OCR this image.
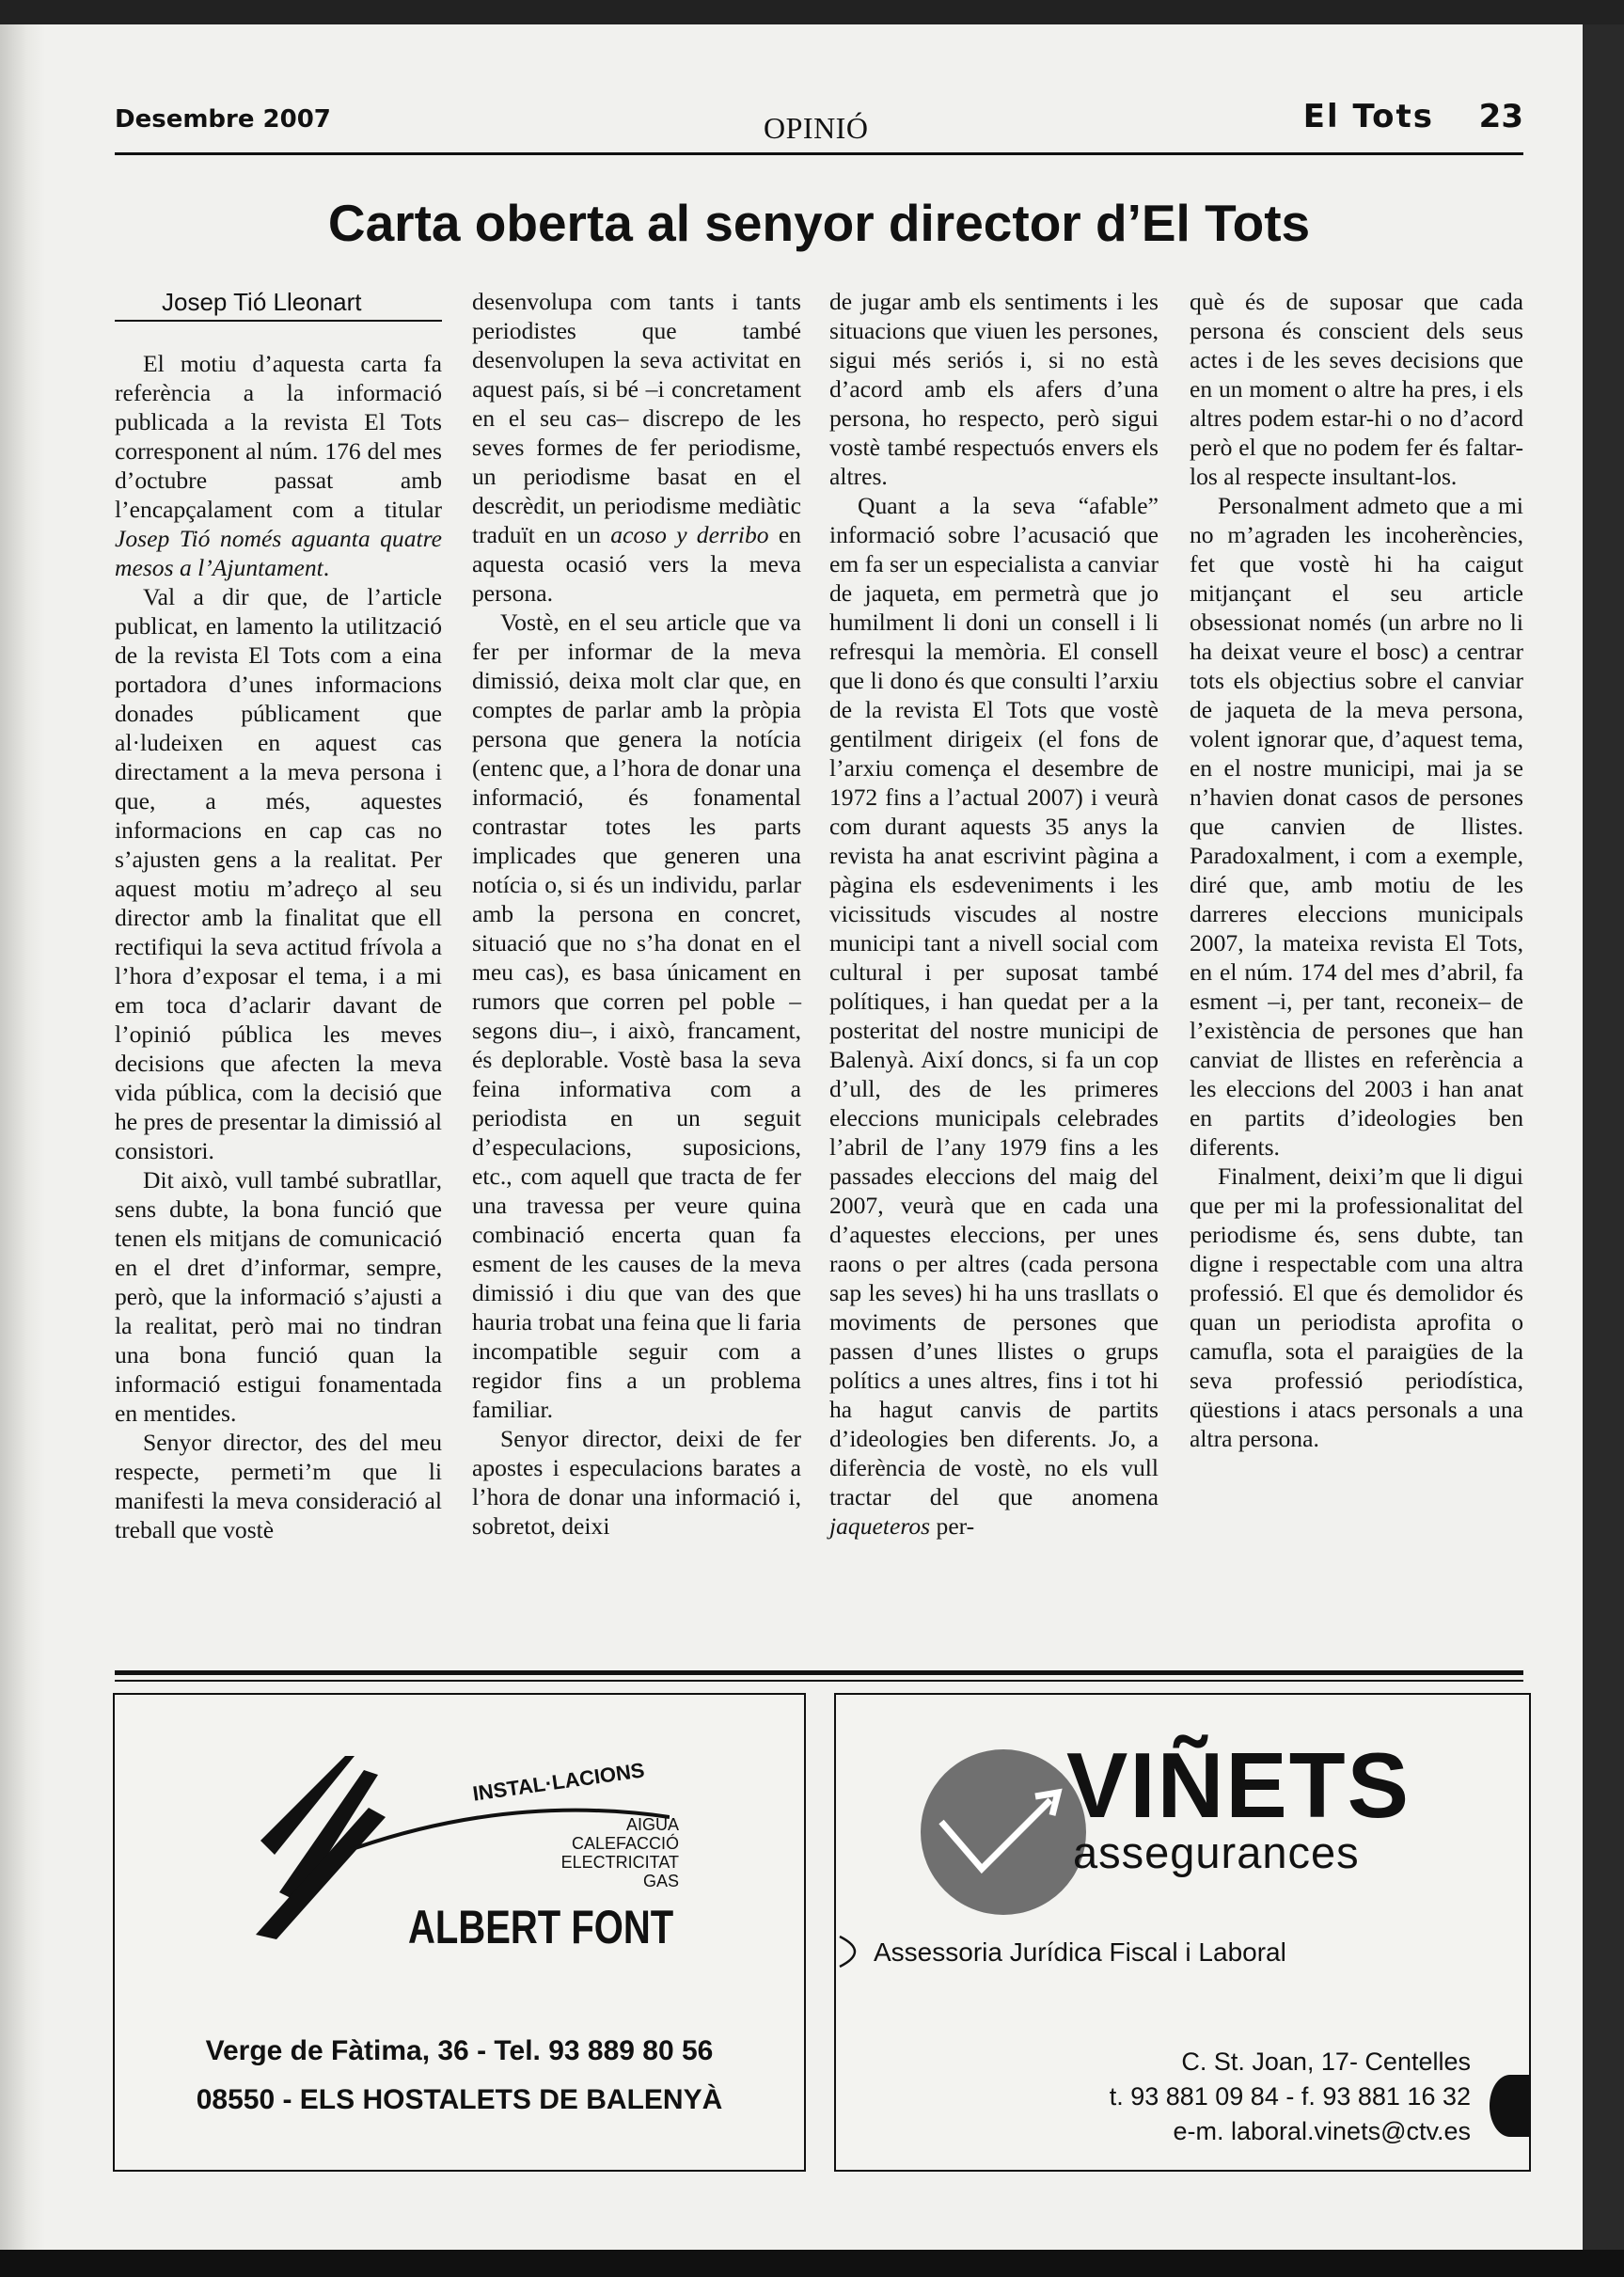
Desembre 2007	OPINIÓ	El Tots 23
Carta oberta al senyor director d’El Tots
Josep Tió Lleonart

El motiu d’aquesta carta fa referència a la informació publicada a la revista El Tots corresponent al núm. 176 del mes d’octubre passat amb l’encapçalament com a titular Josep Tió només aguanta quatre mesos a l’Ajuntament.

Val a dir que, de l’article publicat, en lamento la utilització de la revista El Tots com a eina portadora d’unes informacions donades públicament que al·ludeixen en aquest cas directament a la meva persona i que, a més, aquestes informacions en cap cas no s’ajusten gens a la realitat. Per aquest motiu m’adreço al seu director amb la finalitat que ell rectifiqui la seva actitud frívola a l’hora d’exposar el tema, i a mi em toca d’aclarir davant de l’opinió pública les meves decisions que afecten la meva vida pública, com la decisió que he pres de presentar la dimissió al consistori.

Dit això, vull també subratllar, sens dubte, la bona funció que tenen els mitjans de comunicació en el dret d’informar, sempre, però, que la informació s’ajusti a la realitat, però mai no tindran una bona funció quan la informació estigui fonamentada en mentides.

Senyor director, des del meu respecte, permeti’m que li manifesti la meva consideració al treball que vostè

desenvolupa com tants i tants periodistes que també desenvolupen la seva activitat en aquest país, si bé –i concretament en el seu cas– discrepo de les seves formes de fer periodisme, un periodisme basat en el descrèdit, un periodisme mediàtic traduït en un acoso y derribo en aquesta ocasió vers la meva persona.

Vostè, en el seu article que va fer per informar de la meva dimissió, deixa molt clar que, en comptes de parlar amb la pròpia persona que genera la notícia (entenc que, a l’hora de donar una informació, és fonamental contrastar totes les parts implicades que generen una notícia o, si és un individu, parlar amb la persona en concret, situació que no s’ha donat en el meu cas), es basa únicament en rumors que corren pel poble –segons diu–, i això, francament, és deplorable. Vostè basa la seva feina informativa com a periodista en un seguit d’especulacions, suposicions, etc., com aquell que tracta de fer una travessa per veure quina combinació encerta quan fa esment de les causes de la meva dimissió i diu que van des que hauria trobat una feina que li faria incompatible seguir com a regidor fins a un problema familiar.

Senyor director, deixi de fer apostes i especulacions barates a l’hora de donar una informació i, sobretot, deixi

de jugar amb els sentiments i les situacions que viuen les persones, sigui més seriós i, si no està d’acord amb els afers d’una persona, ho respecto, però sigui vostè també respectuós envers els altres.

Quant a la seva “afable” informació sobre l’acusació que em fa ser un especialista a canviar de jaqueta, em permetrà que jo humilment li doni un consell i li refresqui la memòria. El consell que li dono és que consulti l’arxiu de la revista El Tots que vostè gentilment dirigeix (el fons de l’arxiu comença el desembre de 1972 fins a l’actual 2007) i veurà com durant aquests 35 anys la revista ha anat escrivint pàgina a pàgina els esdeveniments i les vicissituds viscudes al nostre municipi tant a nivell social com cultural i per suposat també polítiques, i han quedat per a la posteritat del nostre municipi de Balenyà. Així doncs, si fa un cop d’ull, des de les primeres eleccions municipals celebrades l’abril de l’any 1979 fins a les passades eleccions del maig del 2007, veurà que en cada una d’aquestes eleccions, per unes raons o per altres (cada persona sap les seves) hi ha uns trasllats o moviments de persones que passen d’unes llistes o grups polítics a unes altres, fins i tot hi ha hagut canvis de partits d’ideologies ben diferents. Jo, a diferència de vostè, no els vull tractar del que anomena jaqueteros per-

què és de suposar que cada persona és conscient dels seus actes i de les seves decisions que en un moment o altre ha pres, i els altres podem estar-hi o no d’acord però el que no podem fer és faltar-los al respecte insultant-los.

Personalment admeto que a mi no m’agraden les incoherències, fet que vostè hi ha caigut mitjançant el seu article obsessionat només (un arbre no li ha deixat veure el bosc) a centrar tots els objectius sobre el canviar de jaqueta de la meva persona, volent ignorar que, d’aquest tema, en el nostre municipi, mai ja se n’havien donat casos de persones que canvien de llistes. Paradoxalment, i com a exemple, diré que, amb motiu de les darreres eleccions municipals 2007, la mateixa revista El Tots, en el núm. 174 del mes d’abril, fa esment –i, per tant, reconeix– de l’existència de persones que han canviat de llistes en referència a les eleccions del 2003 i han anat en partits d’ideologies ben diferents.

Finalment, deixi’m que li digui que per mi la professionalitat del periodisme és, sens dubte, tan digne i respectable com una altra professió. El que és demolidor és quan un periodista aprofita o camufla, sota el paraigües de la seva professió periodística, qüestions i atacs personals a una altra persona.

INSTAL·LACIONS
AIGUA
CALEFACCIÓ
ELECTRICITAT
GAS
ALBERT FONT
Verge de Fàtima, 36 - Tel. 93 889 80 56
08550 - ELS HOSTALETS DE BALENYÀ
VIÑETS
assegurances
Assessoria Jurídica Fiscal i Laboral
C. St. Joan, 17- Centelles
t. 93 881 09 84 - f. 93 881 16 32
e-m. laboral.vinets@ctv.es
